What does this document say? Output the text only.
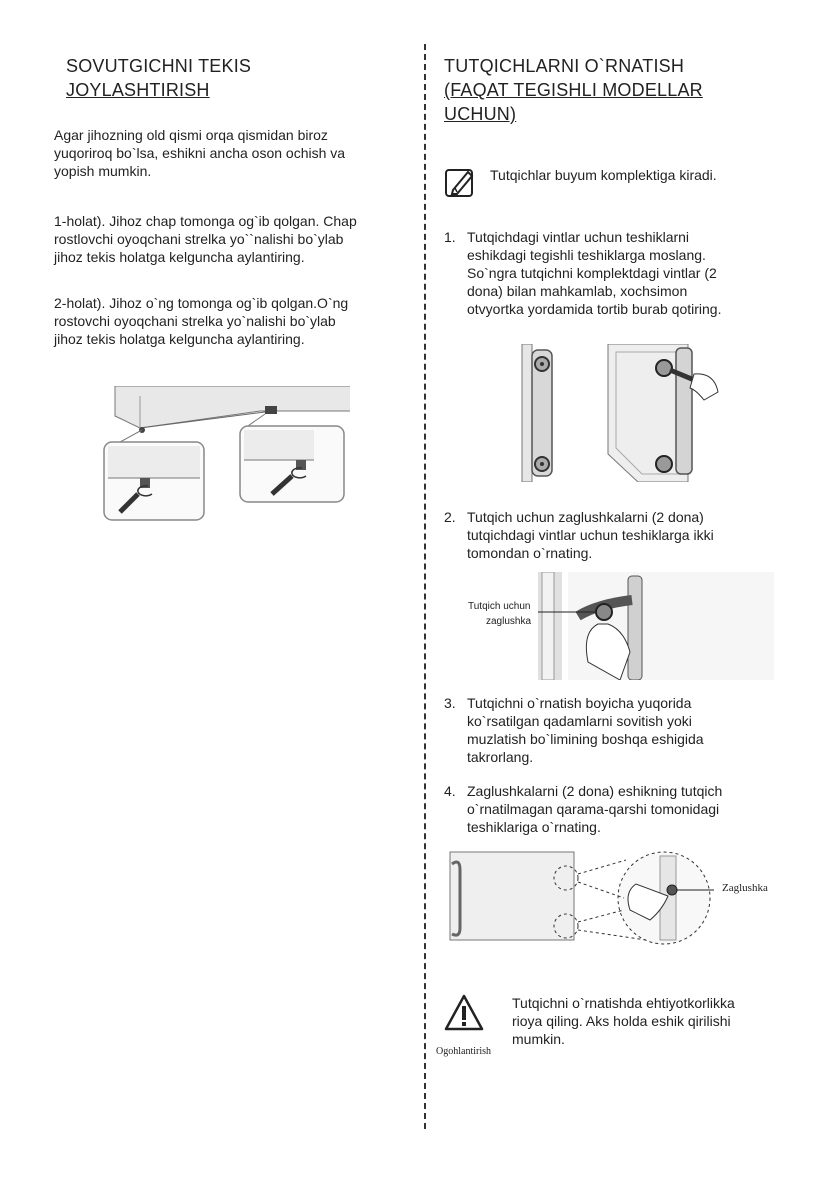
SOVUTGICHNI TEKIS
JOYLASHTIRISH
Agar jihozning old qismi orqa qismidan biroz
yuqoriroq bo`lsa, eshikni ancha oson ochish va
yopish mumkin.
1-holat). Jihoz chap tomonga og`ib qolgan. Chap
rostlovchi oyoqchani strelka yo``nalishi bo`ylab
jihoz tekis holatga kelguncha aylantiring.
2-holat). Jihoz o`ng tomonga og`ib qolgan.O`ng
rostovchi oyoqchani strelka yo`nalishi bo`ylab
jihoz tekis holatga kelguncha aylantiring.
TUTQICHLARNI O`RNATISH
(FAQAT TEGISHLI MODELLAR
UCHUN)
Tutqichlar buyum komplektiga kiradi.
1. Tutqichdagi vintlar uchun teshiklarni
eshikdagi tegishli teshiklarga moslang.
So`ngra tutqichni komplektdagi vintlar (2
dona) bilan mahkamlab, xochsimon
otvyortka yordamida tortib burab qotiring.
2. Tutqich uchun zaglushkalarni (2 dona)
tutqichdagi vintlar uchun teshiklarga ikki
tomondan o`rnating.
Tutqich uchun
zaglushka
3. Tutqichni o`rnatish boyicha yuqorida
ko`rsatilgan qadamlarni sovitish yoki
muzlatish bo`limining boshqa eshigida
takrorlang.
4. Zaglushkalarni (2 dona) eshikning tutqich
o`rnatilmagan qarama-qarshi tomonidagi
teshiklariga o`rnating.
Zaglushka
Ogohlantirish
Tutqichni o`rnatishda ehtiyotkorlikka
rioya qiling. Aks holda eshik qirilishi
mumkin.
